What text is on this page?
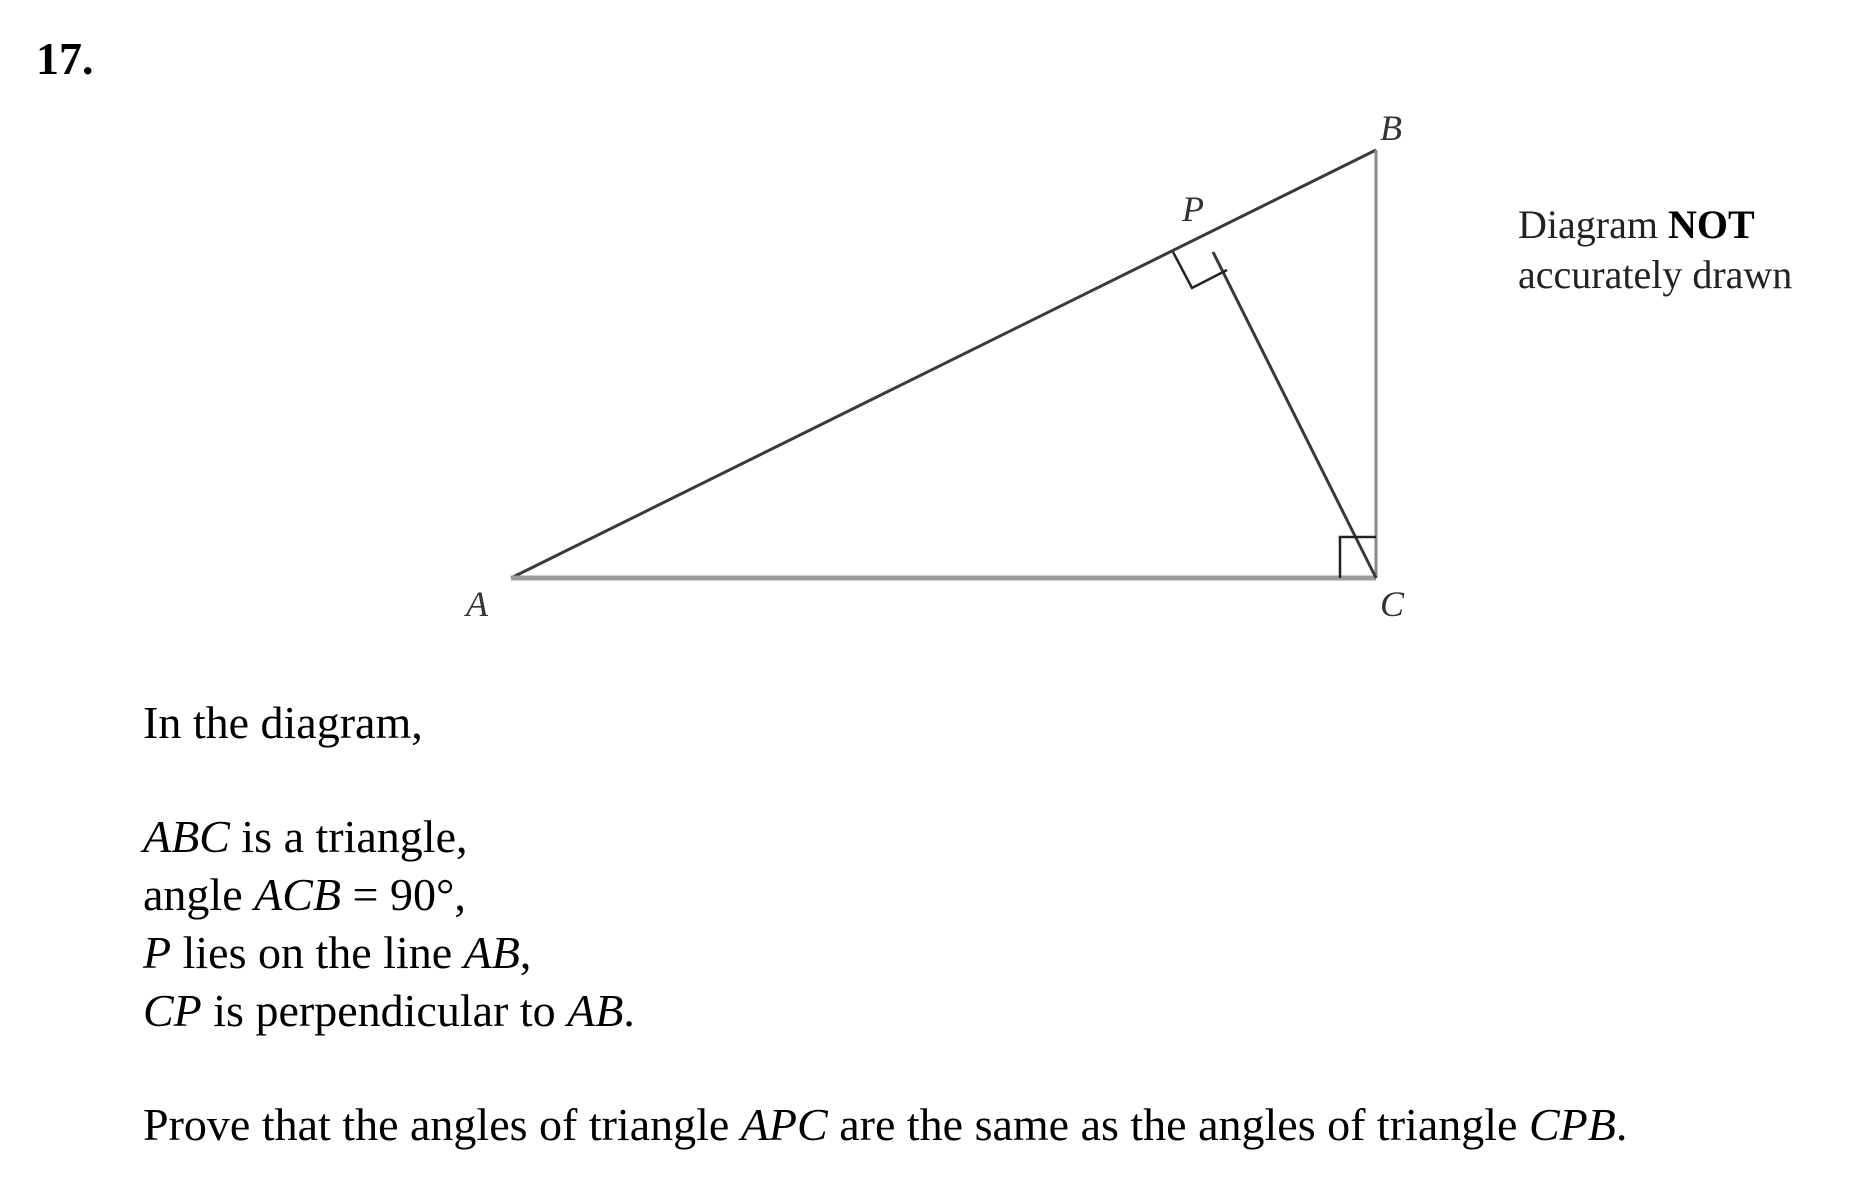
17.
A
B
C
P	Diagram NOT
accurately drawn
In the diagram,
ABC is a triangle,
angle ACB = 90°,
P lies on the line AB,
CP is perpendicular to AB.
Prove that the angles of triangle APC are the same as the angles of triangle CPB.
